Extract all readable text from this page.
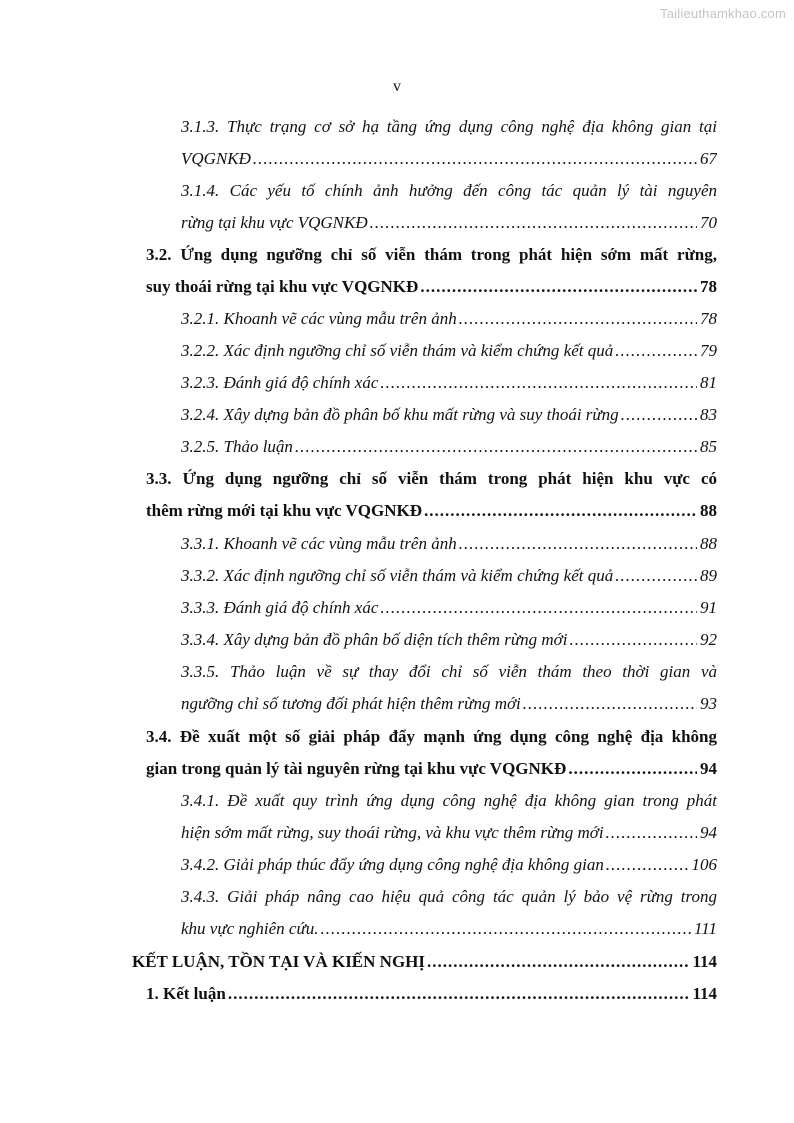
Tailieuthamkhao.com
v
3.1.3. Thực trạng cơ sở hạ tầng ứng dụng công nghệ địa không gian tại
VQGNKĐ .....	67
3.1.4. Các yếu tố chính ảnh hưởng đến công tác quản lý tài nguyên
rừng tại khu vực VQGNKĐ .....	70
3.2. Ứng dụng ngưỡng chỉ số viễn thám trong phát hiện sớm mất rừng,
suy thoái rừng tại khu vực VQGNKĐ .....	78
3.2.1. Khoanh vẽ các vùng mẫu trên ảnh .....	78
3.2.2. Xác định ngưỡng chỉ số viễn thám và kiểm chứng kết quả .....	79
3.2.3. Đánh giá độ chính xác .....	81
3.2.4. Xây dựng bản đồ phân bố khu mất rừng và suy thoái rừng .....	83
3.2.5. Thảo luận .....	85
3.3. Ứng dụng ngưỡng chỉ số viễn thám trong phát hiện khu vực có
thêm rừng mới tại khu vực VQGNKĐ .....	88
3.3.1. Khoanh vẽ các vùng mẫu trên ảnh .....	88
3.3.2. Xác định ngưỡng chỉ số viễn thám và kiểm chứng kết quả .....	89
3.3.3. Đánh giá độ chính xác .....	91
3.3.4. Xây dựng bản đồ phân bố diện tích thêm rừng mới .....	92
3.3.5. Thảo luận về sự thay đổi chỉ số viễn thám theo thời gian và
ngưỡng chỉ số tương đối phát hiện thêm rừng mới .....	93
3.4. Đề xuất một số giải pháp đẩy mạnh ứng dụng công nghệ địa không
gian trong quản lý tài nguyên rừng tại khu vực VQGNKĐ .....	94
3.4.1. Đề xuất quy trình ứng dụng công nghệ địa không gian trong phát
hiện sớm mất rừng, suy thoái rừng, và khu vực thêm rừng mới .....	94
3.4.2. Giải pháp thúc đẩy ứng dụng công nghệ địa không gian .....	106
3.4.3. Giải pháp nâng cao hiệu quả công tác quản lý bảo vệ rừng trong
khu vực nghiên cứu. .....	111
KẾT LUẬN, TỒN TẠI VÀ KIẾN NGHỊ .....	114
1. Kết luận .....	114
